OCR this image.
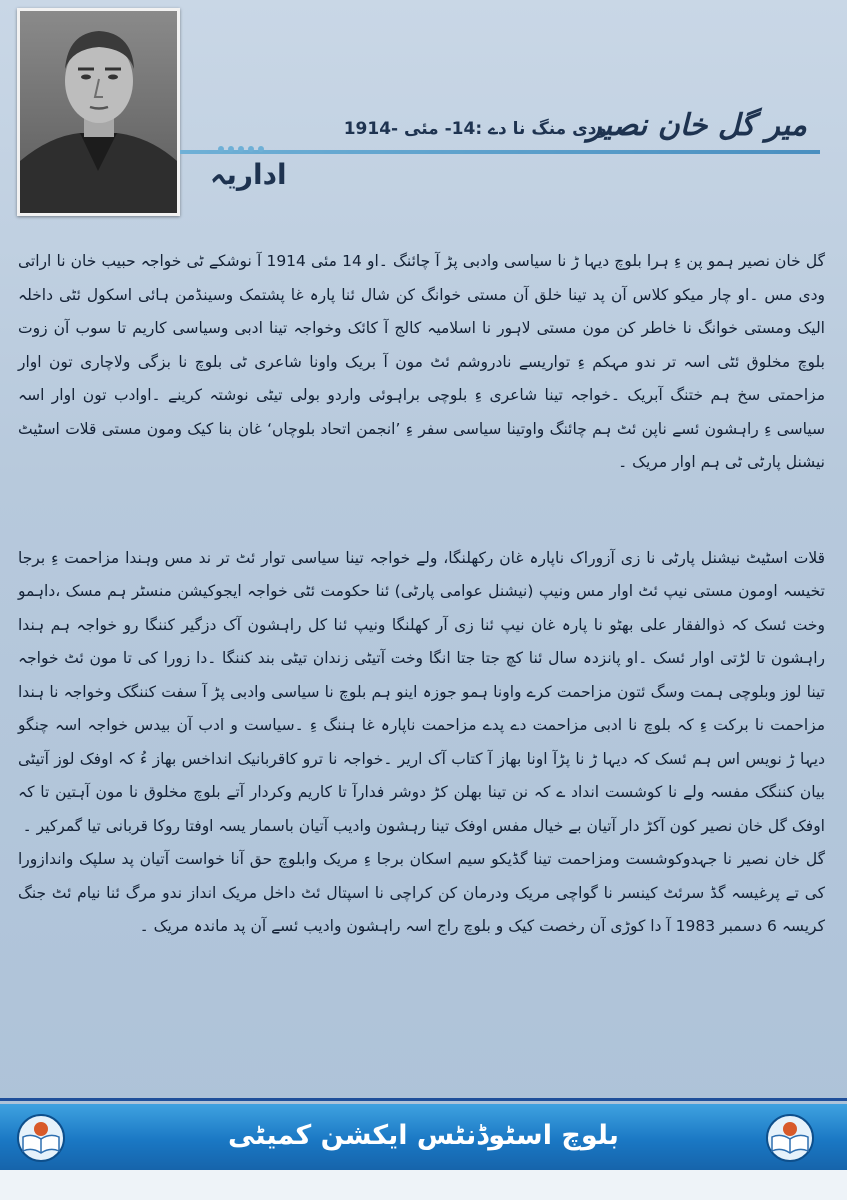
میر گل خان نصیر
ودی منگ نا دے :14- مئی -1914
اداریہ

گل خان نصیر ہمو پن ءِ ہرا بلوچ دیہا ڑ نا سیاسی وادبی پڑ آ چائنگ ۔او 14 مئی 1914 آ نوشکے ٹی خواجہ حبیب خان نا اراتی ودی مس ۔او چار میکو کلاس آن پد تینا خلق آن مستی خوانگ کن شال ئنا پارہ غا پشتمک وسینڈمن ہائی اسکول ئٹی داخلہ الیک ومستی خوانگ نا خاطر کن مون مستی لاہور نا اسلامیہ کالج آ کائک وخواجہ تینا ادبی وسیاسی کاریم تا سوب آن زوت بلوچ مخلوق ئٹی اسہ تر ندو مہکم ءِ تواریسے نادروشم ئٹ مون آ بریک واونا شاعری ٹی بلوچ نا بزگی ولاچاری تون اوار مزاحمتی سخ ہم ختنگ آبریک ۔خواجہ تینا شاعری ءِ بلوچی براہوئی واردو بولی تیٹی نوشتہ کرینے ۔اوادب تون اوار اسہ سیاسی ءِ راہشون ئسے ناپن ئٹ ہم چائنگ واوتینا سیاسی سفر ءِ ’انجمن اتحاد بلوچاں‘ غان بنا کیک ومون مستی قلات اسٹیٹ نیشنل پارٹی ٹی ہم اوار مریک ۔

قلات اسٹیٹ نیشنل پارٹی نا زی آزوراک ناپارہ غان رکھلنگا، ولے خواجہ تینا سیاسی توار ئٹ تر ند مس وہندا مزاحمت ءِ برجا تخیسہ اومون مستی نیپ ئٹ اوار مس ونیپ (نیشنل عوامی پارٹی) ئنا حکومت ئٹی خواجہ ایجوکیشن منسٹر ہم مسک ،داہمو وخت ئسک کہ ذوالفقار علی بھٹو نا پارہ غان نیپ ئنا زی آر کھلنگا ونیپ ئنا کل راہشون آک دزگیر کننگا رو خواجہ ہم ہندا راہشون تا لڑتی اوار ئسک ۔او پانزدہ سال ئنا کچ جتا جتا انگا وخت آتیٹی زندان تیٹی بند کننگا ۔دا زورا کی تا مون ئٹ خواجہ تینا لوز وبلوچی ہمت وسگ ئتون مزاحمت کرے واونا ہمو جوزہ اینو ہم بلوچ نا سیاسی وادبی پڑ آ سفت کننگک وخواجہ نا ہندا مزاحمت نا برکت ءِ کہ بلوچ نا ادبی مزاحمت دے پدے مزاحمت ناپارہ غا ہننگ ءِ ۔سیاست و ادب آن بیدس خواجہ اسہ چنگو دیہا ڑ نویس اس ہم ئسک کہ دیہا ڑ نا پڑآ اونا بھاز آ کتاب آک اریر ۔خواجہ نا ترو کاقربانیک انداخس بھاز ءُ کہ اوفک لوز آتیٹی بیان کننگک مفسہ ولے نا کوشست انداد ے کہ نن تینا بھلن کڑ دوشر فدارآ تا کاریم وکردار آتے بلوچ مخلوق نا مون آہتین تا کہ اوفک گل خان نصیر کون آکڑ دار آتیان بے خیال مفس اوفک تینا رہشون وادیب آتیان باسمار یسہ اوفتا روکا قربانی تیا گمرکیر ۔

گل خان نصیر نا جہدوکوشست ومزاحمت تینا گڈیکو سیم اسکان برجا ءِ مریک وابلوچ حق آنا خواست آتیان پد سلپک واندازورا کی تے پرغیسہ گڈ سرئٹ کینسر نا گواچی مریک ودرمان کن کراچی نا اسپتال ئٹ داخل مریک انداز ندو مرگ ئنا نیام ئٹ جنگ کریسہ 6 دسمبر 1983 آ دا کوڑی آن رخصت کیک و بلوچ راج اسہ راہشون وادیب ئسے آن پد ماندہ مریک ۔

بلوچ اسٹوڈنٹس ایکشن کمیٹی
